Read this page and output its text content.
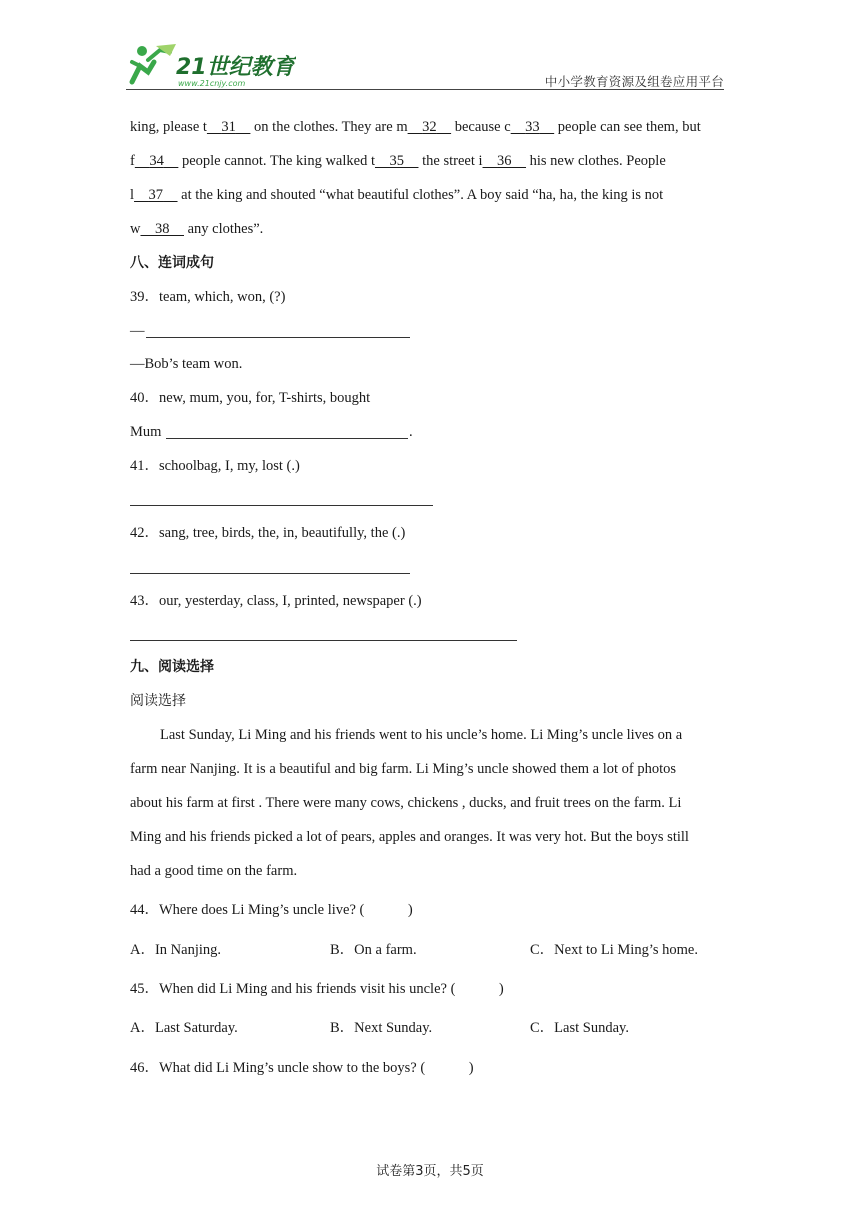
21世纪教育
www.21cnjy.com	中小学教育资源及组卷应用平台
king, please t  31  on the clothes. They are m  32  because c  33  people can see them, but
f  34  people cannot. The king walked t  35  the street i  36  his new clothes. People
l  37  at the king and shouted “what beautiful clothes”. A boy said “ha, ha, the king is not
w  38  any clothes”.
八、连词成句
39．team, which, won, (?)
—
—Bob’s team won.
40．new, mum, you, for, T-shirts, bought
Mum	.
41．schoolbag, I, my, lost (.)
42．sang, tree, birds, the, in, beautifully, the (.)
43．our, yesterday, class, I, printed, newspaper (.)
九、阅读选择
阅读选择
Last Sunday, Li Ming and his friends went to his uncle’s home. Li Ming’s uncle lives on a
farm near Nanjing. It is a beautiful and big farm. Li Ming’s uncle showed them a lot of photos
about his farm at first . There were many cows, chickens , ducks, and fruit trees on the farm. Li
Ming and his friends picked a lot of pears, apples and oranges. It was very hot. But the boys still
had a good time on the farm.
44．Where does Li Ming’s uncle live? (            )
A．In Nanjing.	B．On a farm.	C．Next to Li Ming’s home.
45．When did Li Ming and his friends visit his uncle? (            )
A．Last Saturday.	B．Next Sunday.	C．Last Sunday.
46．What did Li Ming’s uncle show to the boys? (            )
试卷第3页，共5页
